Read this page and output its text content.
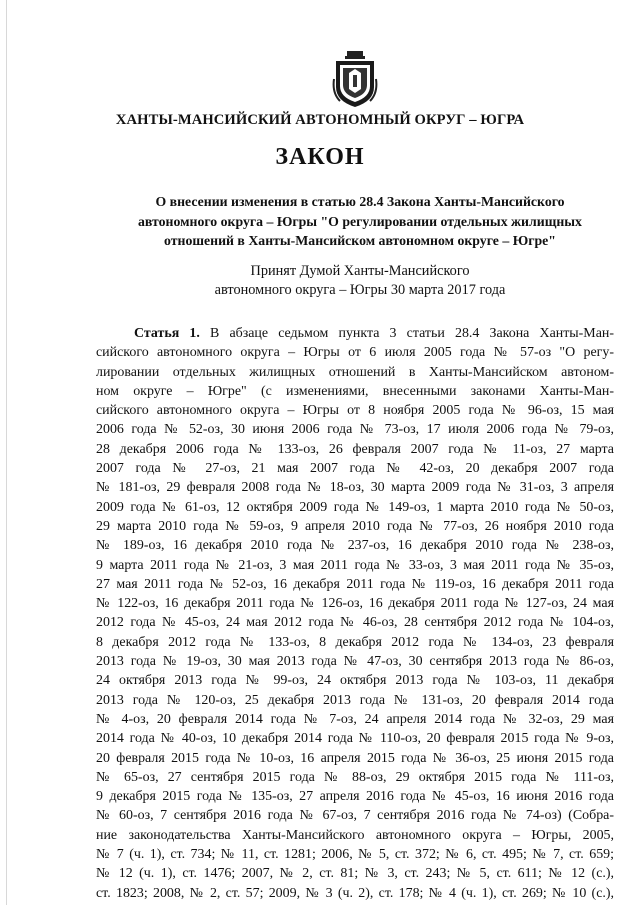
ХАНТЫ-МАНСИЙСКИЙ АВТОНОМНЫЙ ОКРУГ – ЮГРА
ЗАКОН
О внесении изменения в статью 28.4 Закона Ханты-Мансийского
автономного округа – Югры "О регулировании отдельных жилищных
отношений в Ханты-Мансийском автономном округе – Югре"
Принят Думой Ханты-Мансийского
автономного округа – Югры 30 марта 2017 года
Статья 1. В абзаце седьмом пункта 3 статьи 28.4 Закона Ханты-Ман-
сийского автономного округа – Югры от 6 июля 2005 года № 57-оз "О регу-
лировании отдельных жилищных отношений в Ханты-Мансийском автоном-
ном округе – Югре" (с изменениями, внесенными законами Ханты-Ман-
сийского автономного округа – Югры от 8 ноября 2005 года № 96-оз, 15 мая
2006 года № 52-оз, 30 июня 2006 года № 73-оз, 17 июля 2006 года № 79-оз,
28 декабря 2006 года № 133-оз, 26 февраля 2007 года № 11-оз, 27 марта
2007 года № 27-оз, 21 мая 2007 года № 42-оз, 20 декабря 2007 года
№ 181-оз, 29 февраля 2008 года № 18-оз, 30 марта 2009 года № 31-оз, 3 апреля
2009 года № 61-оз, 12 октября 2009 года № 149-оз, 1 марта 2010 года № 50-оз,
29 марта 2010 года № 59-оз, 9 апреля 2010 года № 77-оз, 26 ноября 2010 года
№ 189-оз, 16 декабря 2010 года № 237-оз, 16 декабря 2010 года № 238-оз,
9 марта 2011 года № 21-оз, 3 мая 2011 года № 33-оз, 3 мая 2011 года № 35-оз,
27 мая 2011 года № 52-оз, 16 декабря 2011 года № 119-оз, 16 декабря 2011 года
№ 122-оз, 16 декабря 2011 года № 126-оз, 16 декабря 2011 года № 127-оз, 24 мая
2012 года № 45-оз, 24 мая 2012 года № 46-оз, 28 сентября 2012 года № 104-оз,
8 декабря 2012 года № 133-оз, 8 декабря 2012 года № 134-оз, 23 февраля
2013 года № 19-оз, 30 мая 2013 года № 47-оз, 30 сентября 2013 года № 86-оз,
24 октября 2013 года № 99-оз, 24 октября 2013 года № 103-оз, 11 декабря
2013 года № 120-оз, 25 декабря 2013 года № 131-оз, 20 февраля 2014 года
№ 4-оз, 20 февраля 2014 года № 7-оз, 24 апреля 2014 года № 32-оз, 29 мая
2014 года № 40-оз, 10 декабря 2014 года № 110-оз, 20 февраля 2015 года № 9-оз,
20 февраля 2015 года № 10-оз, 16 апреля 2015 года № 36-оз, 25 июня 2015 года
№ 65-оз, 27 сентября 2015 года № 88-оз, 29 октября 2015 года № 111-оз,
9 декабря 2015 года № 135-оз, 27 апреля 2016 года № 45-оз, 16 июня 2016 года
№ 60-оз, 7 сентября 2016 года № 67-оз, 7 сентября 2016 года № 74-оз) (Собра-
ние законодательства Ханты-Мансийского автономного округа – Югры, 2005,
№ 7 (ч. 1), ст. 734; № 11, ст. 1281; 2006, № 5, ст. 372; № 6, ст. 495; № 7, ст. 659;
№ 12 (ч. 1), ст. 1476; 2007, № 2, ст. 81; № 3, ст. 243; № 5, ст. 611; № 12 (с.),
ст. 1823; 2008, № 2, ст. 57; 2009, № 3 (ч. 2), ст. 178; № 4 (ч. 1), ст. 269; № 10 (с.),
